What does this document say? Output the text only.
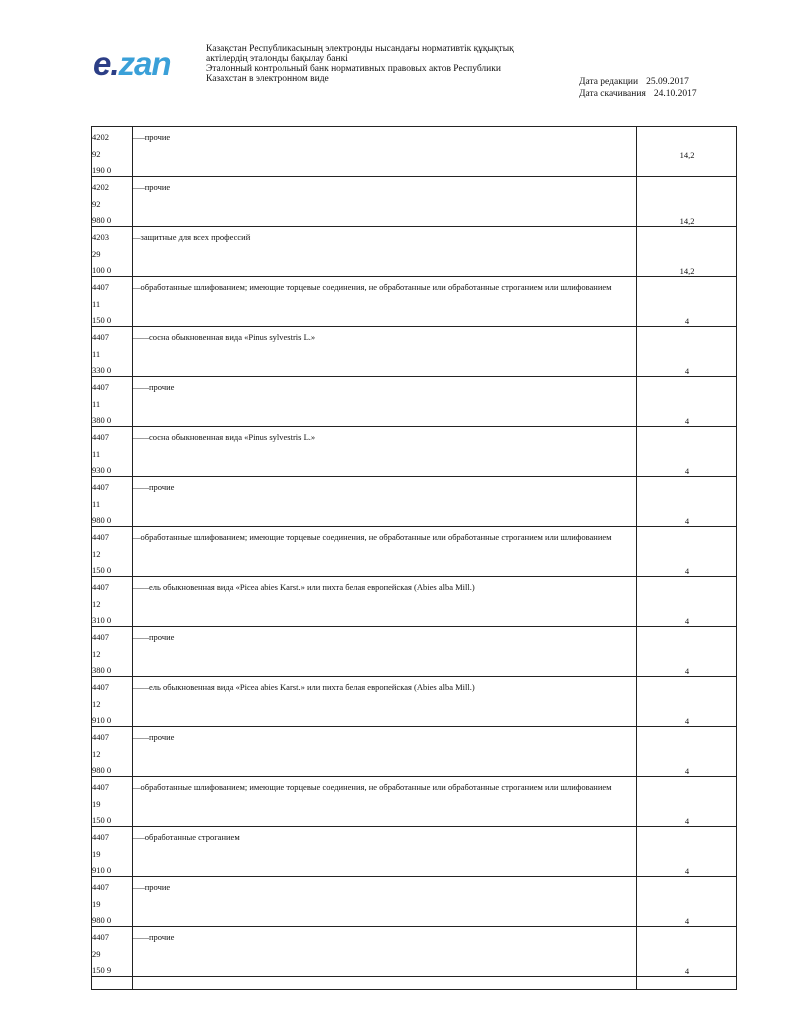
e.zan	Казақстан Республикасының электронды нысандағы нормативтік құқықтық
актілердің эталонды бақылау банкі
Эталонный контрольный банк нормативных правовых актов Республики
Казахстан в электронном виде	Дата редакции 25.09.2017
Дата скачивания 24.10.2017
4202
92
190 0
–––прочие
14,2
4202
92
980 0
–––прочие
14,2
4203
29
100 0
––защитные для всех профессий
14,2
4407
11
150 0
––обработанные шлифованием; имеющие торцевые соединения, не обработанные или обработанные строганием или шлифованием
4
4407
11
330 0
––––сосна обыкновенная вида «Pinus sylvestris L.»
4
4407
11
380 0
––––прочие
4
4407
11
930 0
––––сосна обыкновенная вида «Pinus sylvestris L.»
4
4407
11
980 0
––––прочие
4
4407
12
150 0
––обработанные шлифованием; имеющие торцевые соединения, не обработанные или обработанные строганием или шлифованием
4
4407
12
310 0
––––ель обыкновенная вида «Picea abies Karst.» или пихта белая европейская (Abies alba Mill.)
4
4407
12
380 0
––––прочие
4
4407
12
910 0
––––ель обыкновенная вида «Picea abies Karst.» или пихта белая европейская (Abies alba Mill.)
4
4407
12
980 0
––––прочие
4
4407
19
150 0
––обработанные шлифованием; имеющие торцевые соединения, не обработанные или обработанные строганием или шлифованием
4
4407
19
910 0
–––обработанные строганием
4
4407
19
980 0
–––прочие
4
4407
29
150 9
––––прочие
4
